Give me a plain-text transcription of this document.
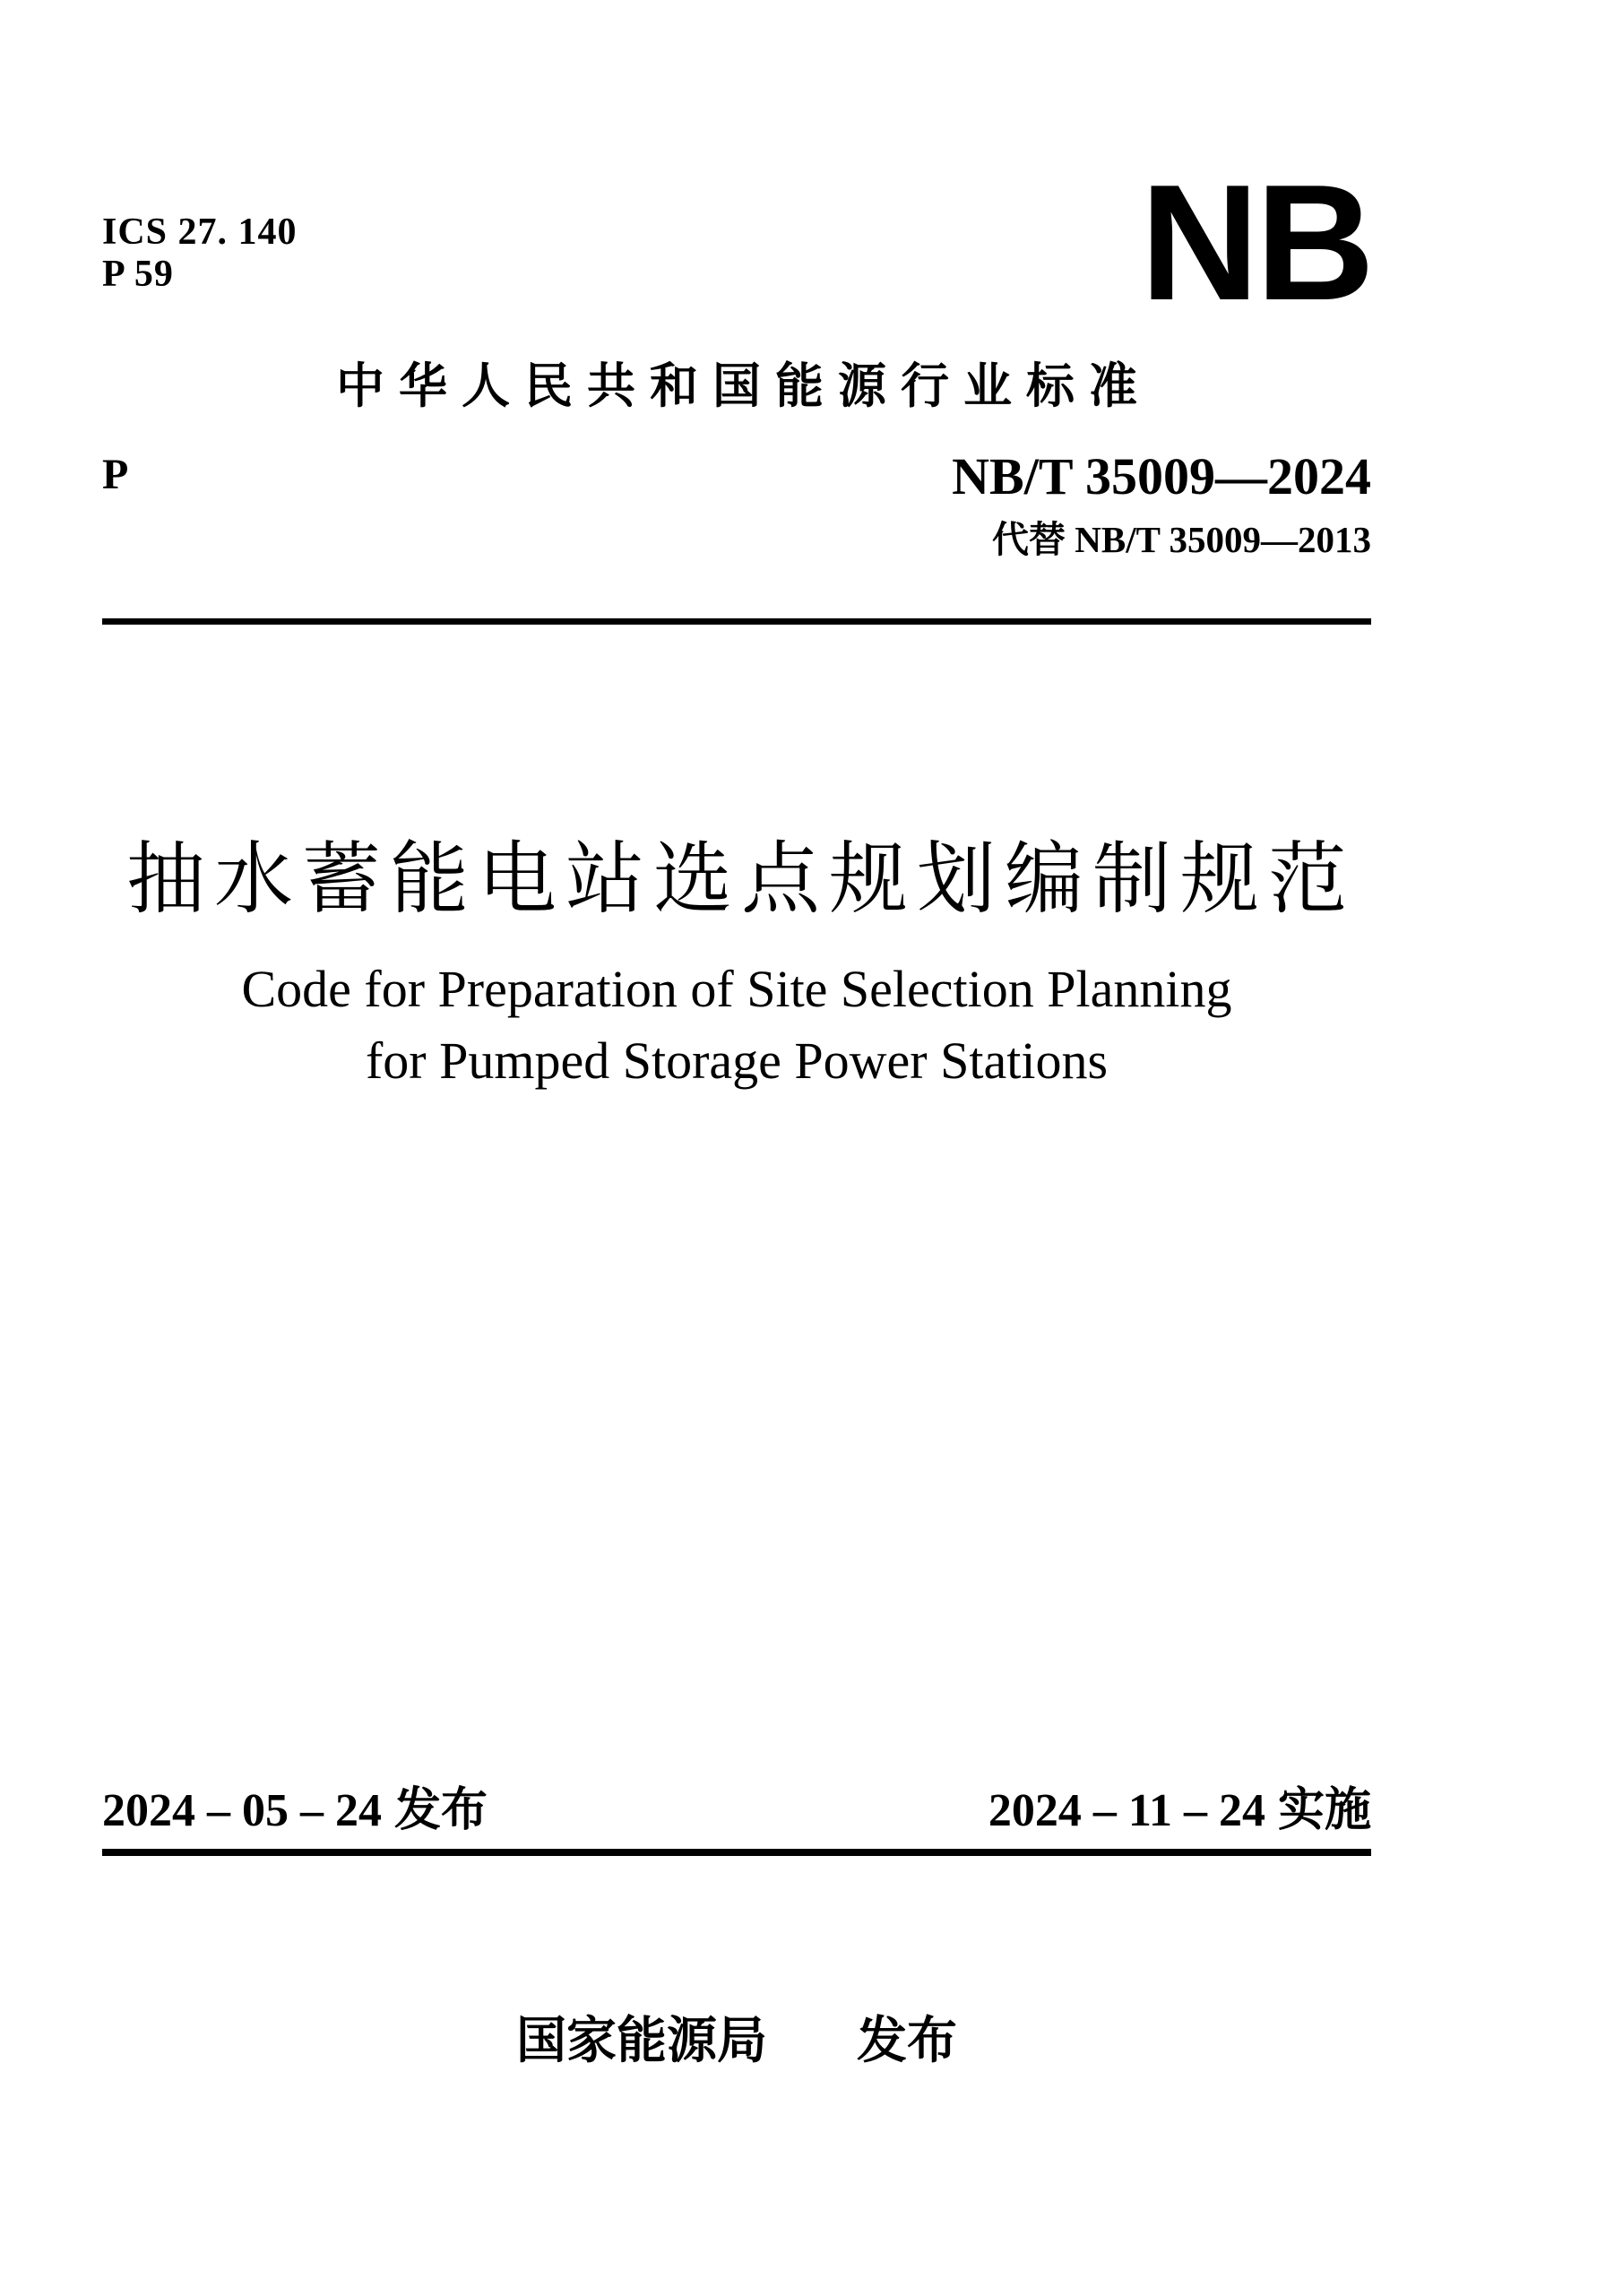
ICS 27. 140
P 59	NB
中华人民共和国能源行业标准
P	NB/T 35009—2024
代替 NB/T 35009—2013
抽水蓄能电站选点规划编制规范
Code for Preparation of Site Selection Planning
for Pumped Storage Power Stations
2024 – 05 – 24 发布	2024 – 11 – 24 实施
国家能源局 发布
